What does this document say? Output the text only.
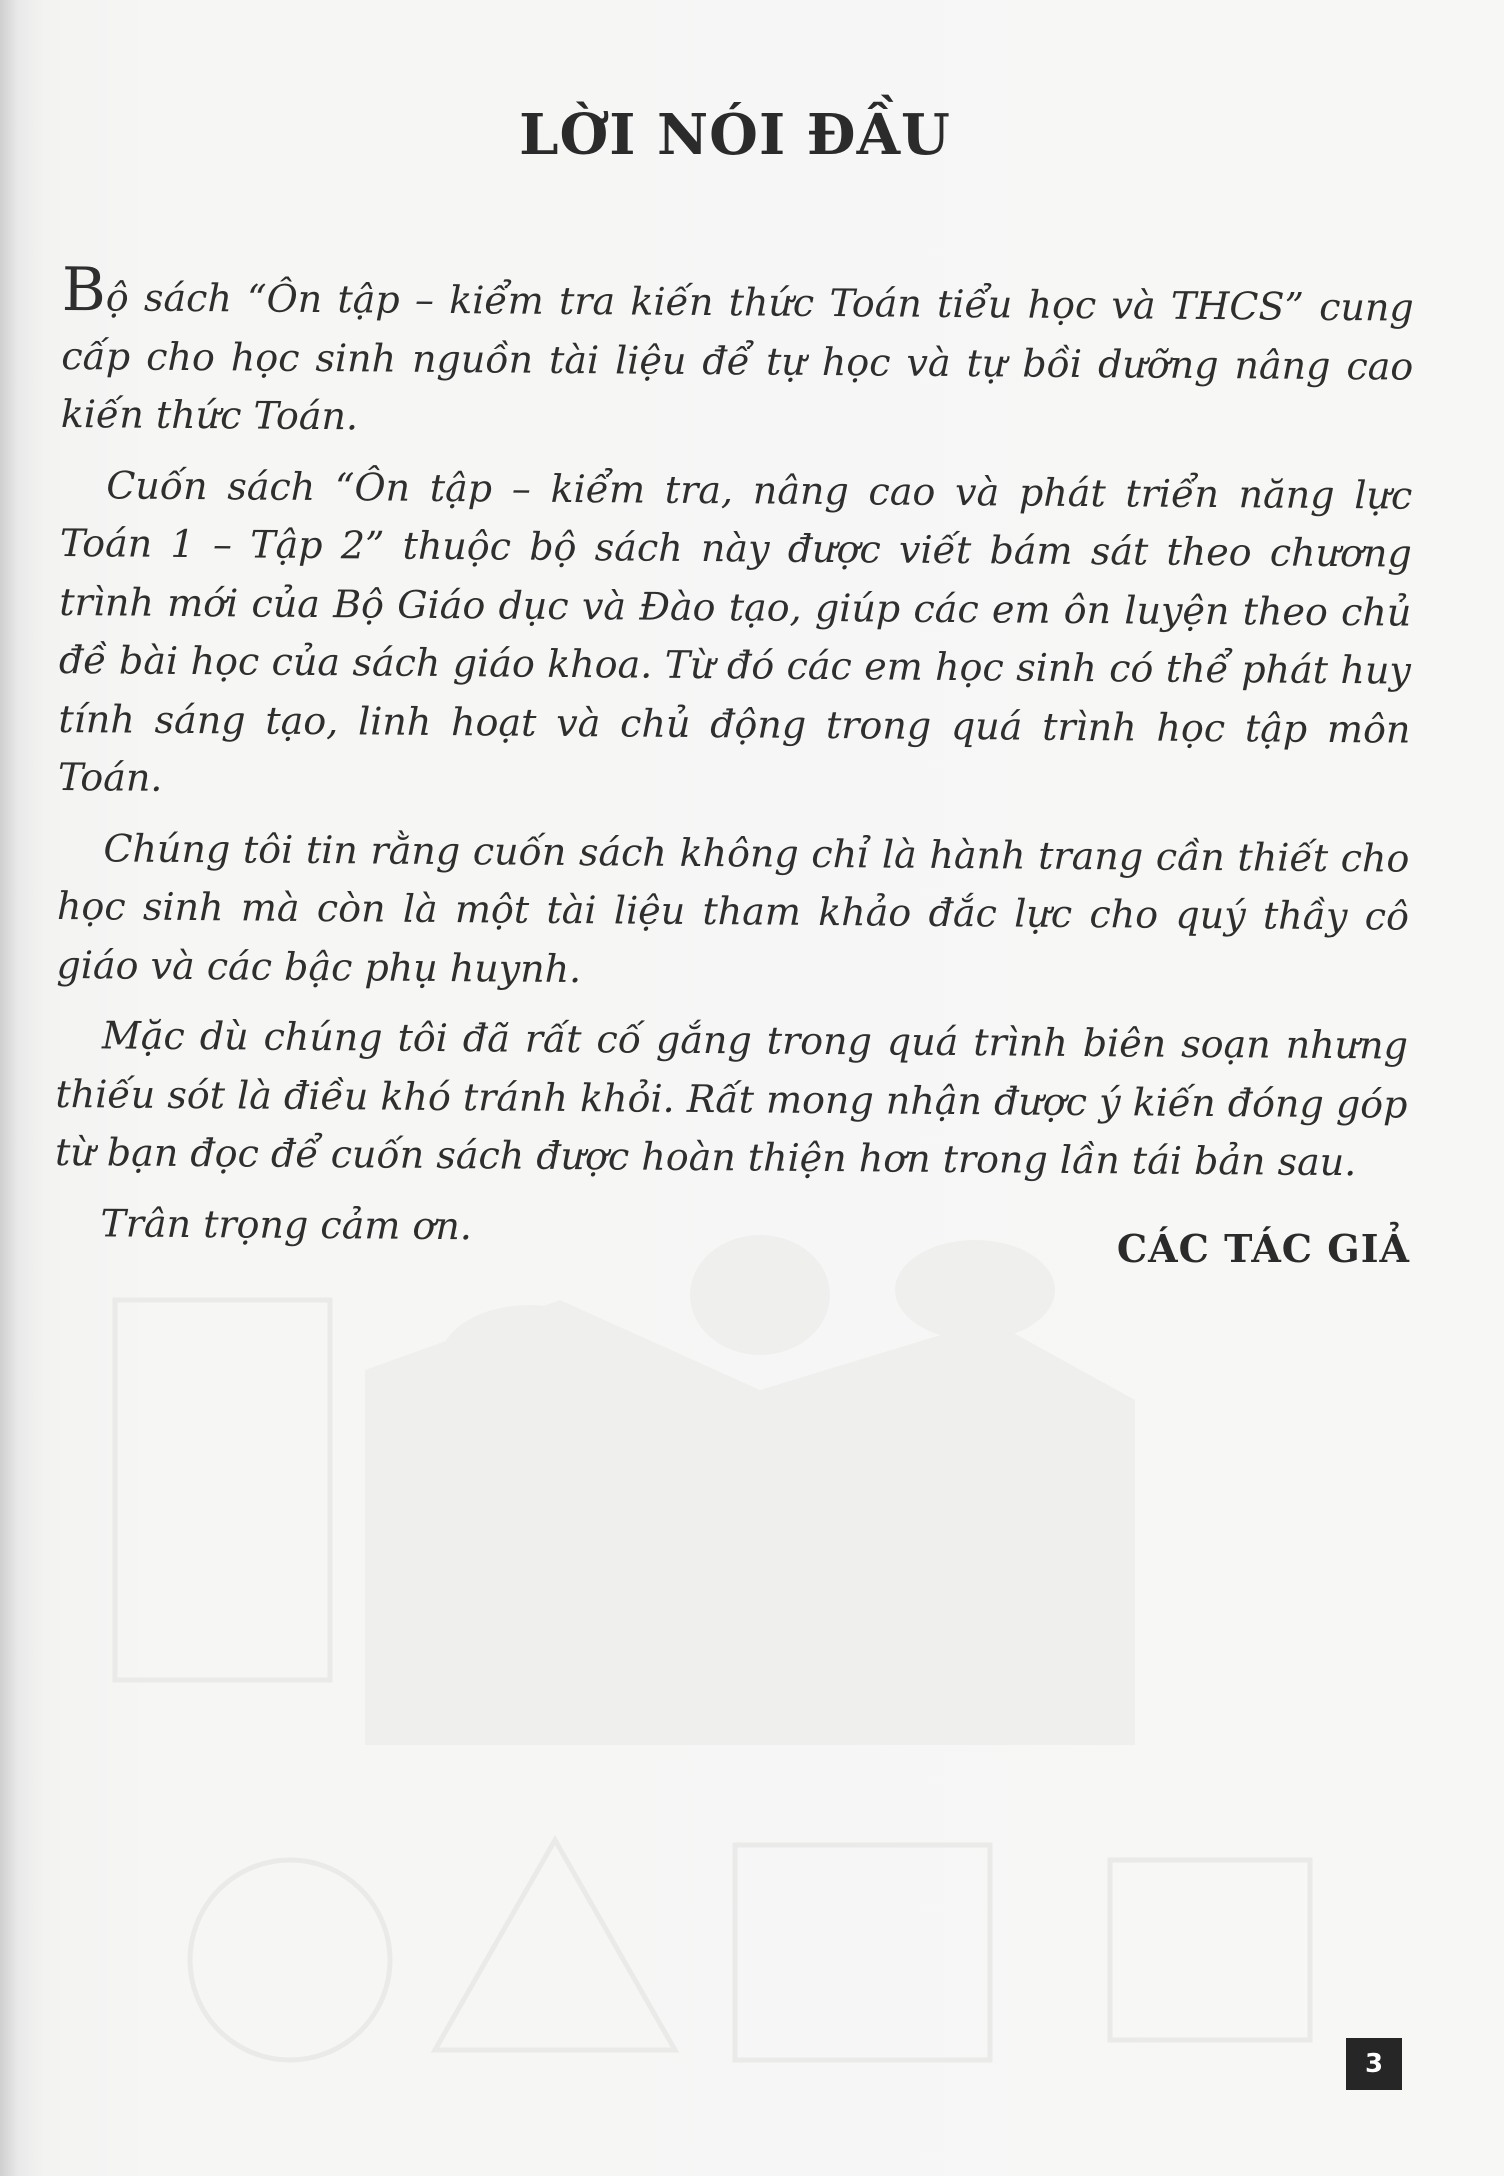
LỜI NÓI ĐẦU

Bộ sách “Ôn tập – kiểm tra kiến thức Toán tiểu học và THCS” cung cấp cho học sinh nguồn tài liệu để tự học và tự bồi dưỡng nâng cao kiến thức Toán.

Cuốn sách “Ôn tập – kiểm tra, nâng cao và phát triển năng lực Toán 1 – Tập 2” thuộc bộ sách này được viết bám sát theo chương trình mới của Bộ Giáo dục và Đào tạo, giúp các em ôn luyện theo chủ đề bài học của sách giáo khoa. Từ đó các em học sinh có thể phát huy tính sáng tạo, linh hoạt và chủ động trong quá trình học tập môn Toán.

Chúng tôi tin rằng cuốn sách không chỉ là hành trang cần thiết cho học sinh mà còn là một tài liệu tham khảo đắc lực cho quý thầy cô giáo và các bậc phụ huynh.

Mặc dù chúng tôi đã rất cố gắng trong quá trình biên soạn nhưng thiếu sót là điều khó tránh khỏi. Rất mong nhận được ý kiến đóng góp từ bạn đọc để cuốn sách được hoàn thiện hơn trong lần tái bản sau.

Trân trọng cảm ơn.

CÁC TÁC GIẢ

3
